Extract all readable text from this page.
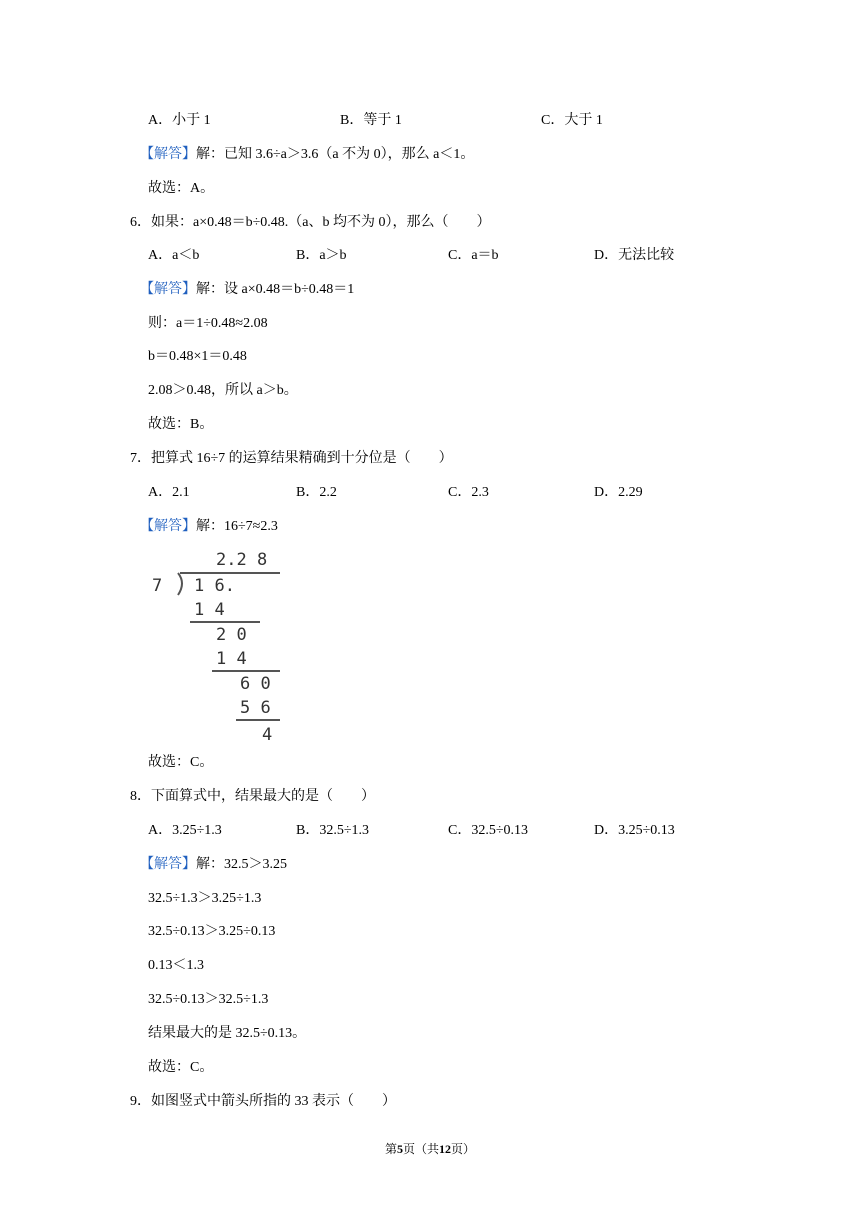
A．小于 1	B．等于 1	C．大于 1
【解答】解：已知 3.6÷a＞3.6（a 不为 0），那么 a＜1。
故选：A。
6．如果：a×0.48＝b÷0.48.（a、b 均不为 0），那么（　　）
A．a＜b	B．a＞b	C．a＝b	D．无法比较
【解答】解：设 a×0.48＝b÷0.48＝1
则：a＝1÷0.48≈2.08
b＝0.48×1＝0.48
2.08＞0.48，所以 a＞b。
故选：B。
7．把算式 16÷7 的运算结果精确到十分位是（　　）
A．2.1	B．2.2	C．2.3	D．2.29
【解答】解：16÷7≈2.3
2.2 8
7 1 6.
1 4
2 0
1 4
6 0
5 6
4
故选：C。
8．下面算式中，结果最大的是（　　）
A．3.25÷1.3	B．32.5÷1.3	C．32.5÷0.13	D．3.25÷0.13
【解答】解：32.5＞3.25
32.5÷1.3＞3.25÷1.3
32.5÷0.13＞3.25÷0.13
0.13＜1.3
32.5÷0.13＞32.5÷1.3
结果最大的是 32.5÷0.13。
故选：C。
9．如图竖式中箭头所指的 33 表示（　　）
第5页（共12页）
